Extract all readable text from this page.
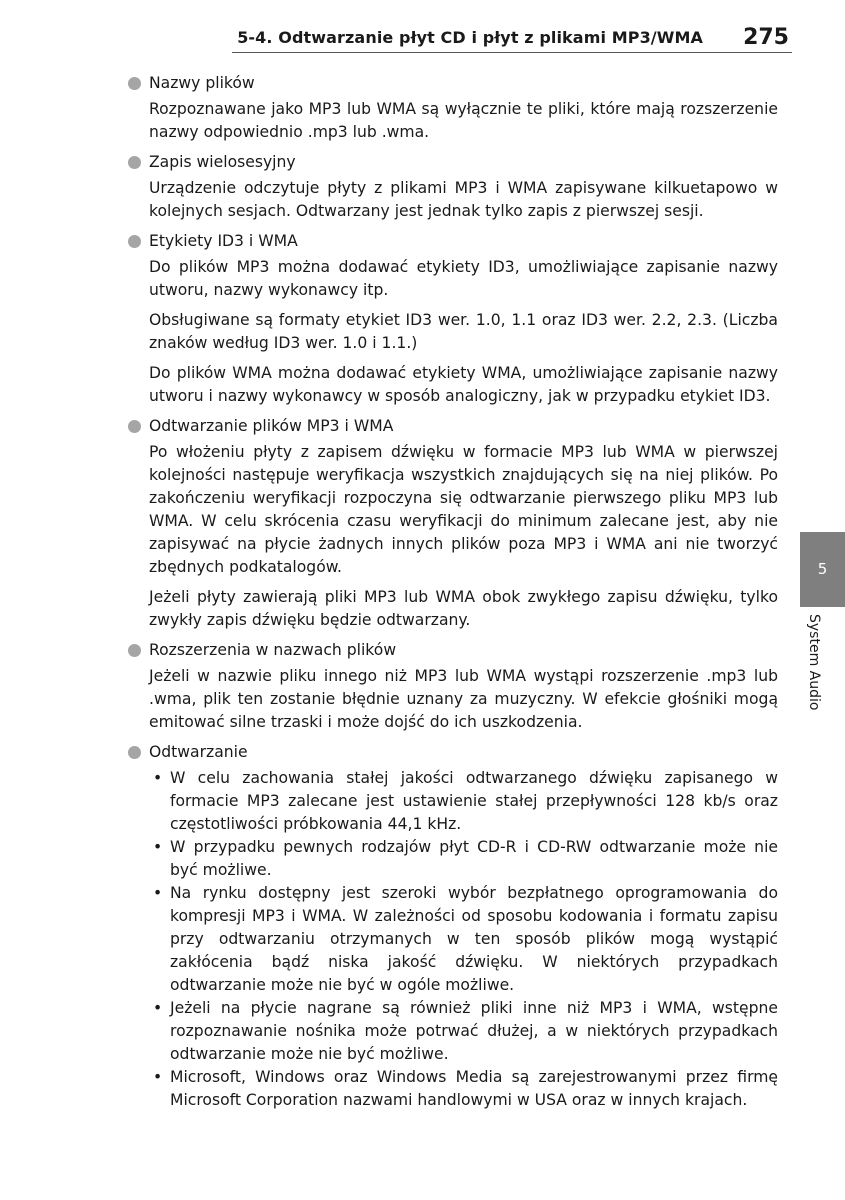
5-4. Odtwarzanie płyt CD i płyt z plikami MP3/WMA 275
5
System Audio
Nazwy plików

Rozpoznawane jako MP3 lub WMA są wyłącznie te pliki, które mają rozszerzenie nazwy odpowiednio .mp3 lub .wma.

Zapis wielosesyjny

Urządzenie odczytuje płyty z plikami MP3 i WMA zapisywane kilkuetapowo w kolejnych sesjach. Odtwarzany jest jednak tylko zapis z pierwszej sesji.

Etykiety ID3 i WMA

Do plików MP3 można dodawać etykiety ID3, umożliwiające zapisanie nazwy utworu, nazwy wykonawcy itp.

Obsługiwane są formaty etykiet ID3 wer. 1.0, 1.1 oraz ID3 wer. 2.2, 2.3. (Liczba znaków według ID3 wer. 1.0 i 1.1.)

Do plików WMA można dodawać etykiety WMA, umożliwiające zapisanie nazwy utworu i nazwy wykonawcy w sposób analogiczny, jak w przypadku etykiet ID3.

Odtwarzanie plików MP3 i WMA

Po włożeniu płyty z zapisem dźwięku w formacie MP3 lub WMA w pierwszej kolejności następuje weryfikacja wszystkich znajdujących się na niej plików. Po zakończeniu weryfikacji rozpoczyna się odtwarzanie pierwszego pliku MP3 lub WMA. W celu skrócenia czasu weryfikacji do minimum zalecane jest, aby nie zapisywać na płycie żadnych innych plików poza MP3 i WMA ani nie tworzyć zbędnych podkatalogów.

Jeżeli płyty zawierają pliki MP3 lub WMA obok zwykłego zapisu dźwięku, tylko zwykły zapis dźwięku będzie odtwarzany.

Rozszerzenia w nazwach plików

Jeżeli w nazwie pliku innego niż MP3 lub WMA wystąpi rozszerzenie .mp3 lub .wma, plik ten zostanie błędnie uznany za muzyczny. W efekcie głośniki mogą emitować silne trzaski i może dojść do ich uszkodzenia.

Odtwarzanie
• W celu zachowania stałej jakości odtwarzanego dźwięku zapisanego w formacie MP3 zalecane jest ustawienie stałej przepływności 128 kb/s oraz częstotliwości próbkowania 44,1 kHz.
• W przypadku pewnych rodzajów płyt CD-R i CD-RW odtwarzanie może nie być możliwe.
• Na rynku dostępny jest szeroki wybór bezpłatnego oprogramowania do kompresji MP3 i WMA. W zależności od sposobu kodowania i formatu zapisu przy odtwarzaniu otrzymanych w ten sposób plików mogą wystąpić zakłócenia bądź niska jakość dźwięku. W niektórych przypadkach odtwarzanie może nie być w ogóle możliwe.
• Jeżeli na płycie nagrane są również pliki inne niż MP3 i WMA, wstępne rozpoznawanie nośnika może potrwać dłużej, a w niektórych przypadkach odtwarzanie może nie być możliwe.
• Microsoft, Windows oraz Windows Media są zarejestrowanymi przez firmę Microsoft Corporation nazwami handlowymi w USA oraz w innych krajach.
